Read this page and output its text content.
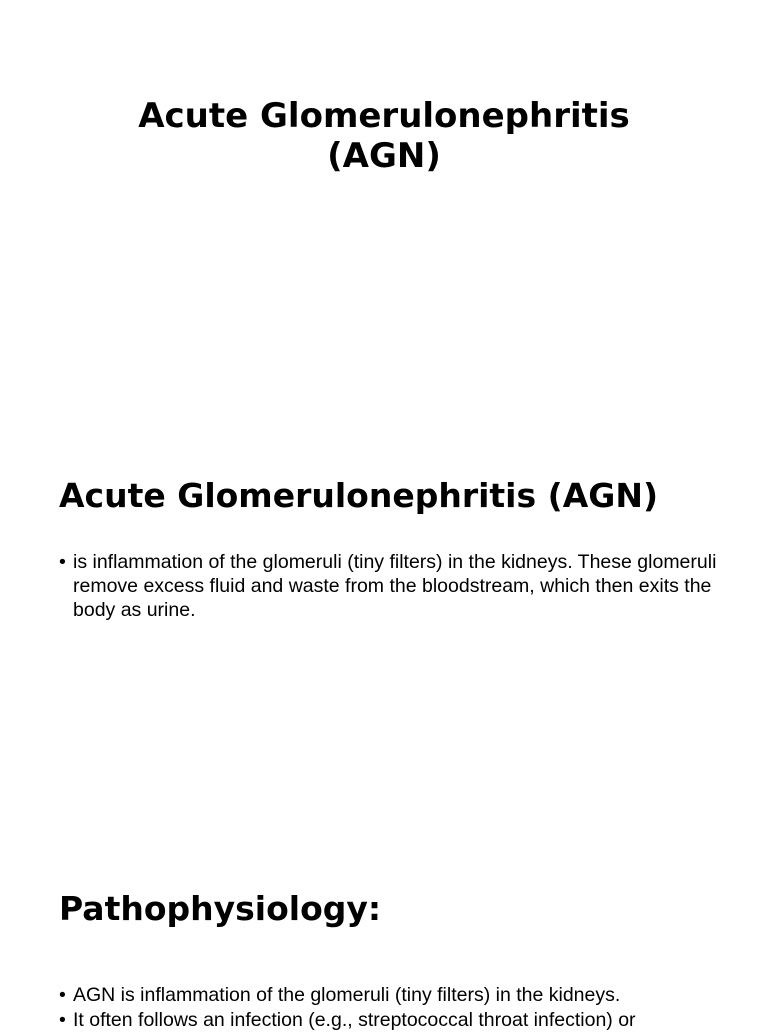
Acute Glomerulonephritis
(AGN)
Acute Glomerulonephritis (AGN)
• is inflammation of the glomeruli (tiny filters) in the kidneys. These glomeruli remove excess fluid and waste from the bloodstream, which then exits the body as urine.
Pathophysiology:
• AGN is inflammation of the glomeruli (tiny filters) in the kidneys.
• It often follows an infection (e.g., streptococcal throat infection) or
